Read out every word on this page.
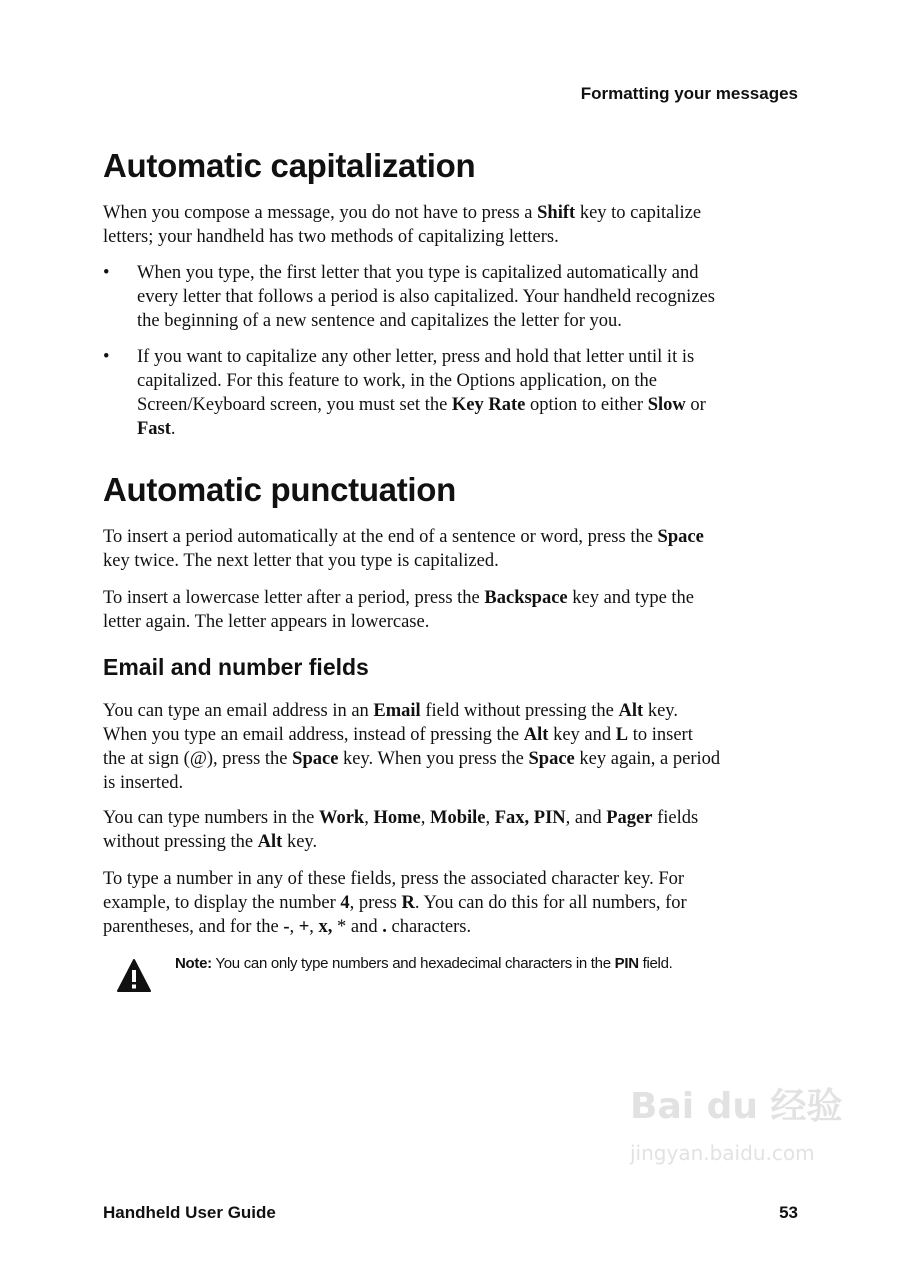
Bai du 经验
jingyan.baidu.com
Formatting your messages
Automatic capitalization
When you compose a message, you do not have to press a Shift key to capitalize
letters; your handheld has two methods of capitalizing letters.
• When you type, the first letter that you type is capitalized automatically and
every letter that follows a period is also capitalized. Your handheld recognizes
the beginning of a new sentence and capitalizes the letter for you.
• If you want to capitalize any other letter, press and hold that letter until it is
capitalized. For this feature to work, in the Options application, on the
Screen/Keyboard screen, you must set the Key Rate option to either Slow or
Fast.
Automatic punctuation
To insert a period automatically at the end of a sentence or word, press the Space
key twice. The next letter that you type is capitalized.
To insert a lowercase letter after a period, press the Backspace key and type the
letter again. The letter appears in lowercase.
Email and number fields
You can type an email address in an Email field without pressing the Alt key.
When you type an email address, instead of pressing the Alt key and L to insert
the at sign (@), press the Space key. When you press the Space key again, a period
is inserted.
You can type numbers in the Work, Home, Mobile, Fax, PIN, and Pager fields
without pressing the Alt key.
To type a number in any of these fields, press the associated character key. For
example, to display the number 4, press R. You can do this for all numbers, for
parentheses, and for the -, +, x, * and . characters.
Note: You can only type numbers and hexadecimal characters in the PIN field.
Handheld User Guide	53
